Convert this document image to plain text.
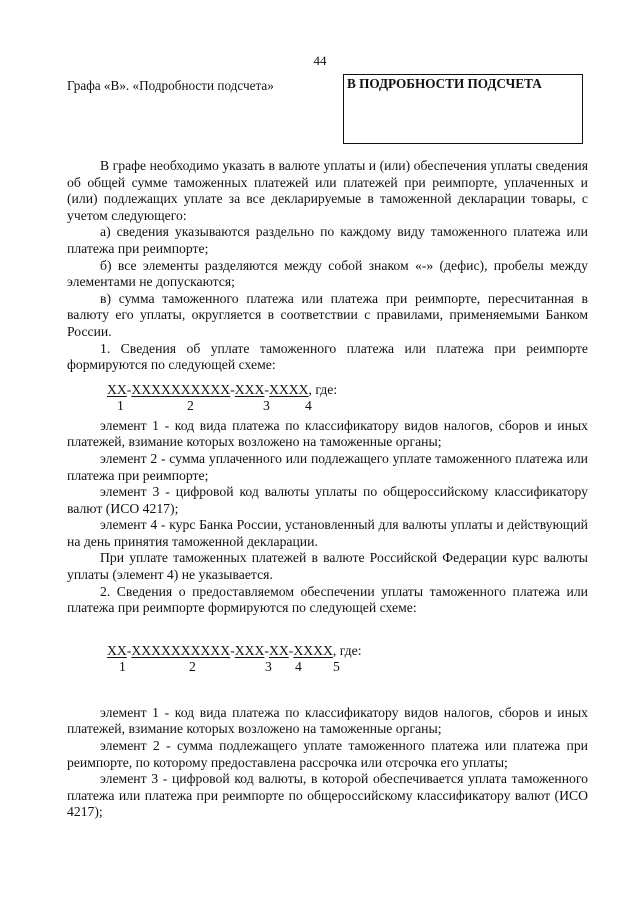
44
Графа «В». «Подробности подсчета»	В ПОДРОБНОСТИ ПОДСЧЕТА

В графе необходимо указать в валюте уплаты и (или) обеспечения уплаты сведения об общей сумме таможенных платежей или платежей при реимпорте, уплаченных и (или) подлежащих уплате за все декларируемые в таможенной декларации товары, с учетом следующего:

а) сведения указываются раздельно по каждому виду таможенного платежа или платежа при реимпорте;

б) все элементы разделяются между собой знаком «-» (дефис), пробелы между элементами не допускаются;

в) сумма таможенного платежа или платежа при реимпорте, пересчитанная в валюту его уплаты, округляется в соответствии с правилами, применяемыми Банком России.

1. Сведения об уплате таможенного платежа или платежа при реимпорте формируются по следующей схеме:

XX-XXXXXXXXXX-XXX-XXXX, где:
1	2	3	4

элемент 1 - код вида платежа по классификатору видов налогов, сборов и иных платежей, взимание которых возложено на таможенные органы;

элемент 2 - сумма уплаченного или подлежащего уплате таможенного платежа или платежа при реимпорте;

элемент 3 - цифровой код валюты уплаты по общероссийскому классификатору валют (ИСО 4217);

элемент 4 - курс Банка России, установленный для валюты уплаты и действующий на день принятия таможенной декларации.

При уплате таможенных платежей в валюте Российской Федерации курс валюты уплаты (элемент 4) не указывается.

2. Сведения о предоставляемом обеспечении уплаты таможенного платежа или платежа при реимпорте формируются по следующей схеме:

XX-XXXXXXXXXX-XXX-XX-XXXX, где:
1	2	3 4 5

элемент 1 - код вида платежа по классификатору видов налогов, сборов и иных платежей, взимание которых возложено на таможенные органы;

элемент 2 - сумма подлежащего уплате таможенного платежа или платежа при реимпорте, по которому предоставлена рассрочка или отсрочка его уплаты;

элемент 3 - цифровой код валюты, в которой обеспечивается уплата таможенного платежа или платежа при реимпорте по общероссийскому классификатору валют (ИСО 4217);
